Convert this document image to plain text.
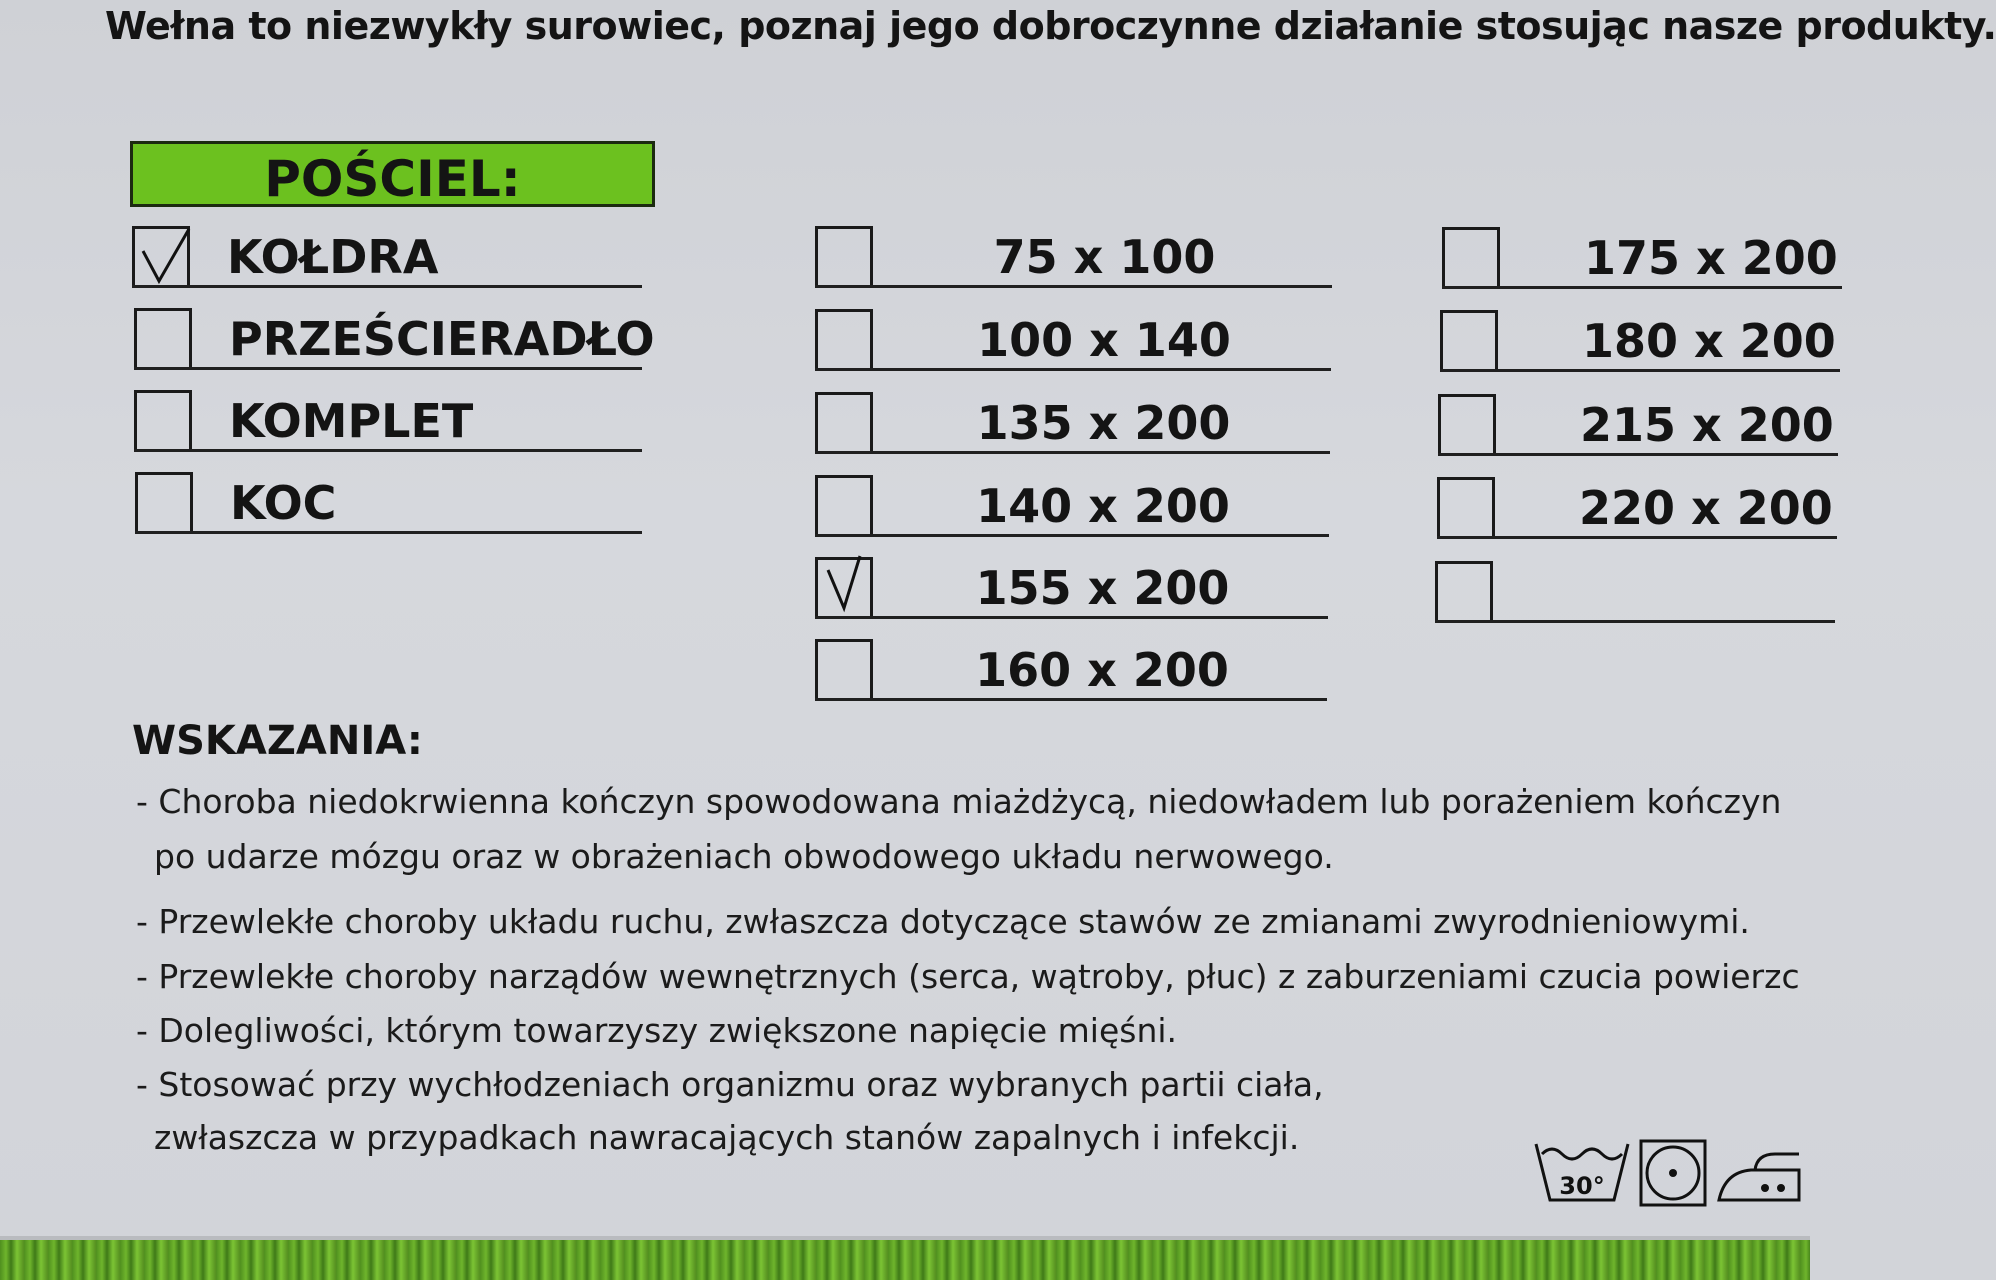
Wełna to niezwykły surowiec, poznaj jego dobroczynne działanie stosując nasze produkty.
POŚCIEL:
KOŁDRA
PRZEŚCIERADŁO
KOMPLET
KOC
75 x 100
100 x 140
135 x 200
140 x 200
155 x 200
160 x 200
175 x 200
180 x 200
215 x 200
220 x 200
WSKAZANIA:
- Choroba niedokrwienna kończyn spowodowana miażdżycą, niedowładem lub porażeniem kończyn
po udarze mózgu oraz w obrażeniach obwodowego układu nerwowego.
- Przewlekłe choroby układu ruchu, zwłaszcza dotyczące stawów ze zmianami zwyrodnieniowymi.
- Przewlekłe choroby narządów wewnętrznych (serca, wątroby, płuc) z zaburzeniami czucia powierzc
- Dolegliwości, którym towarzyszy zwiększone napięcie mięśni.
- Stosować przy wychłodzeniach organizmu oraz wybranych partii ciała,
zwłaszcza w przypadkach nawracających stanów zapalnych i infekcji.
30°
